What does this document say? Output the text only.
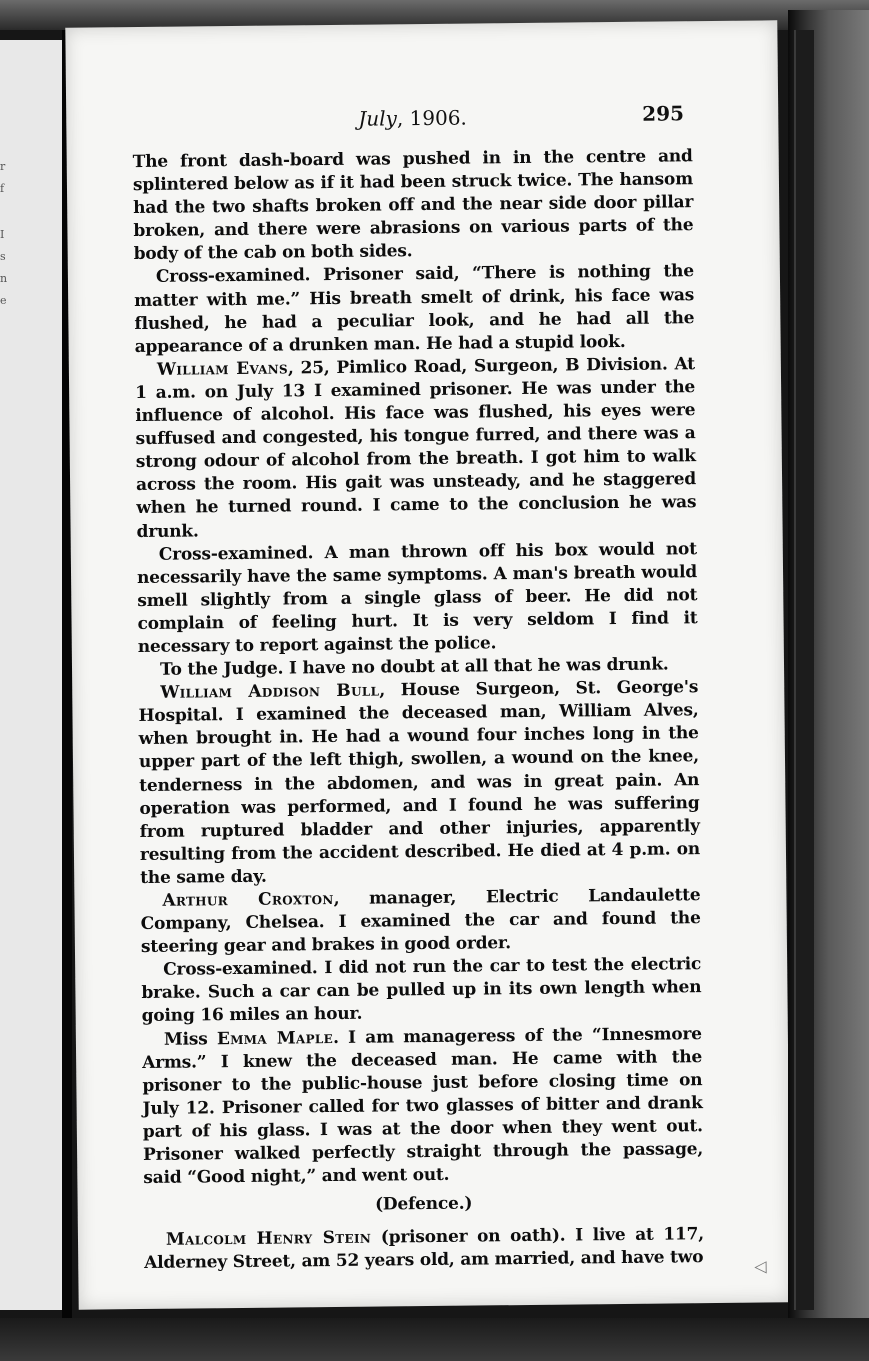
r
f
I
s
n
e
July, 1906.	295

The front dash-board was pushed in in the centre and splintered below as if it had been struck twice. The hansom had the two shafts broken off and the near side door pillar broken, and there were abrasions on various parts of the body of the cab on both sides.

Cross-examined. Prisoner said, “There is nothing the matter with me.” His breath smelt of drink, his face was flushed, he had a peculiar look, and he had all the appearance of a drunken man. He had a stupid look.

William Evans, 25, Pimlico Road, Surgeon, B Division. At 1 a.m. on July 13 I examined prisoner. He was under the influence of alcohol. His face was flushed, his eyes were suffused and congested, his tongue furred, and there was a strong odour of alcohol from the breath. I got him to walk across the room. His gait was unsteady, and he staggered when he turned round. I came to the conclusion he was drunk.

Cross-examined. A man thrown off his box would not necessarily have the same symptoms. A man's breath would smell slightly from a single glass of beer. He did not complain of feeling hurt. It is very seldom I find it necessary to report against the police.

To the Judge. I have no doubt at all that he was drunk.

William Addison Bull, House Surgeon, St. George's Hospital. I examined the deceased man, William Alves, when brought in. He had a wound four inches long in the upper part of the left thigh, swollen, a wound on the knee, tenderness in the abdomen, and was in great pain. An operation was performed, and I found he was suffering from ruptured bladder and other injuries, apparently resulting from the accident described. He died at 4 p.m. on the same day.

Arthur Croxton, manager, Electric Landaulette Company, Chelsea. I examined the car and found the steering gear and brakes in good order.

Cross-examined. I did not run the car to test the electric brake. Such a car can be pulled up in its own length when going 16 miles an hour.

Miss Emma Maple. I am manageress of the “Innesmore Arms.” I knew the deceased man. He came with the prisoner to the public-house just before closing time on July 12. Prisoner called for two glasses of bitter and drank part of his glass. I was at the door when they went out. Prisoner walked perfectly straight through the passage, said “Good night,” and went out.

(Defence.)

Malcolm Henry Stein (prisoner on oath). I live at 117, Alderney Street, am 52 years old, am married, and have two	◁
